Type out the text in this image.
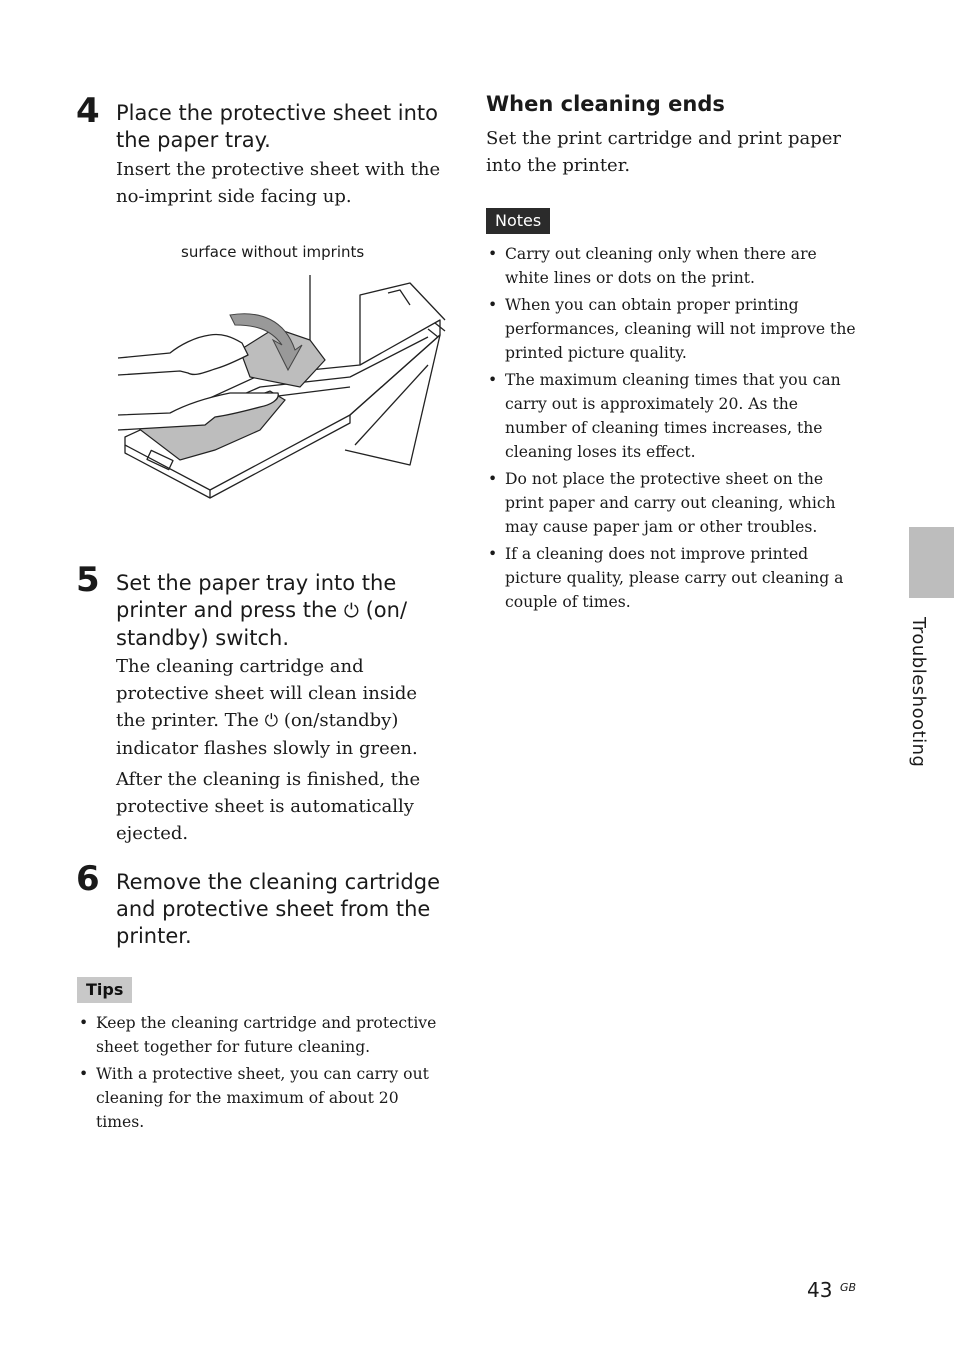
4 Place the protective sheet into the paper tray.
Insert the protective sheet with the no-imprint side facing up.
surface without imprints
5 Set the paper tray into the printer and press the ⏻ (on/ standby) switch.

The cleaning cartridge and protective sheet will clean inside the printer. The ⏻ (on/standby) indicator flashes slowly in green.

After the cleaning is finished, the protective sheet is automatically ejected.

6 Remove the cleaning cartridge and protective sheet from the printer.
Tips
• Keep the cleaning cartridge and protective sheet together for future cleaning.
• With a protective sheet, you can carry out cleaning for the maximum of about 20 times.
When cleaning ends
Set the print cartridge and print paper into the printer.
Notes
• Carry out cleaning only when there are white lines or dots on the print.
• When you can obtain proper printing performances, cleaning will not improve the printed picture quality.
• The maximum cleaning times that you can carry out is approximately 20. As the number of cleaning times increases, the cleaning loses its effect.
• Do not place the protective sheet on the print paper and carry out cleaning, which may cause paper jam or other troubles.
• If a cleaning does not improve printed picture quality, please carry out cleaning a couple of times.
Troubleshooting
43 GB
